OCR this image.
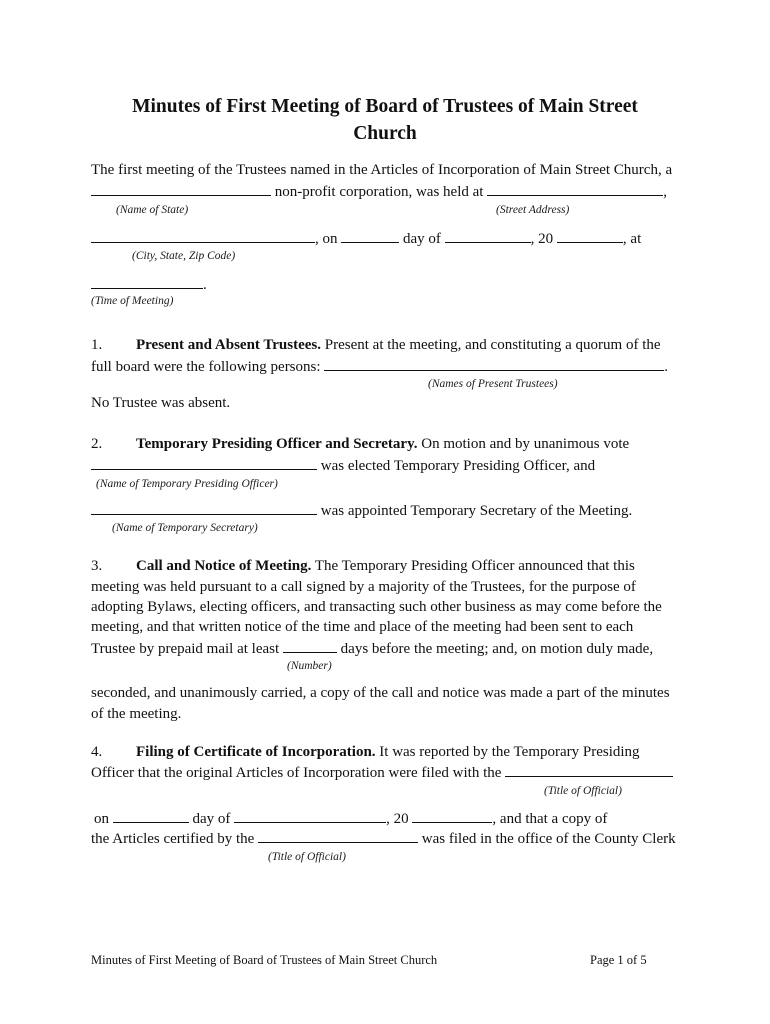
Minutes of First Meeting of Board of Trustees of Main Street
Church
The first meeting of the Trustees named in the Articles of Incorporation of Main Street Church, a
non-profit corporation, was held at	,
(Name of State)	(Street Address)
, on	day of	, 20	, at
(City, State, Zip Code)
.
(Time of Meeting)
1. Present and Absent Trustees. Present at the meeting, and constituting a quorum of the
full board were the following persons:	.
(Names of Present Trustees)
No Trustee was absent.
2. Temporary Presiding Officer and Secretary. On motion and by unanimous vote
was elected Temporary Presiding Officer, and
(Name of Temporary Presiding Officer)
was appointed Temporary Secretary of the Meeting.
(Name of Temporary Secretary)
3. Call and Notice of Meeting. The Temporary Presiding Officer announced that this
meeting was held pursuant to a call signed by a majority of the Trustees, for the purpose of
adopting Bylaws, electing officers, and transacting such other business as may come before the
meeting, and that written notice of the time and place of the meeting had been sent to each
Trustee by prepaid mail at least	days before the meeting; and, on motion duly made,
(Number)
seconded, and unanimously carried, a copy of the call and notice was made a part of the minutes
of the meeting.
4. Filing of Certificate of Incorporation. It was reported by the Temporary Presiding
Officer that the original Articles of Incorporation were filed with the
(Title of Official)
on	day of	, 20	, and that a copy of
the Articles certified by the	was filed in the office of the County Clerk
(Title of Official)
Minutes of First Meeting of Board of Trustees of Main Street Church	Page 1 of 5
